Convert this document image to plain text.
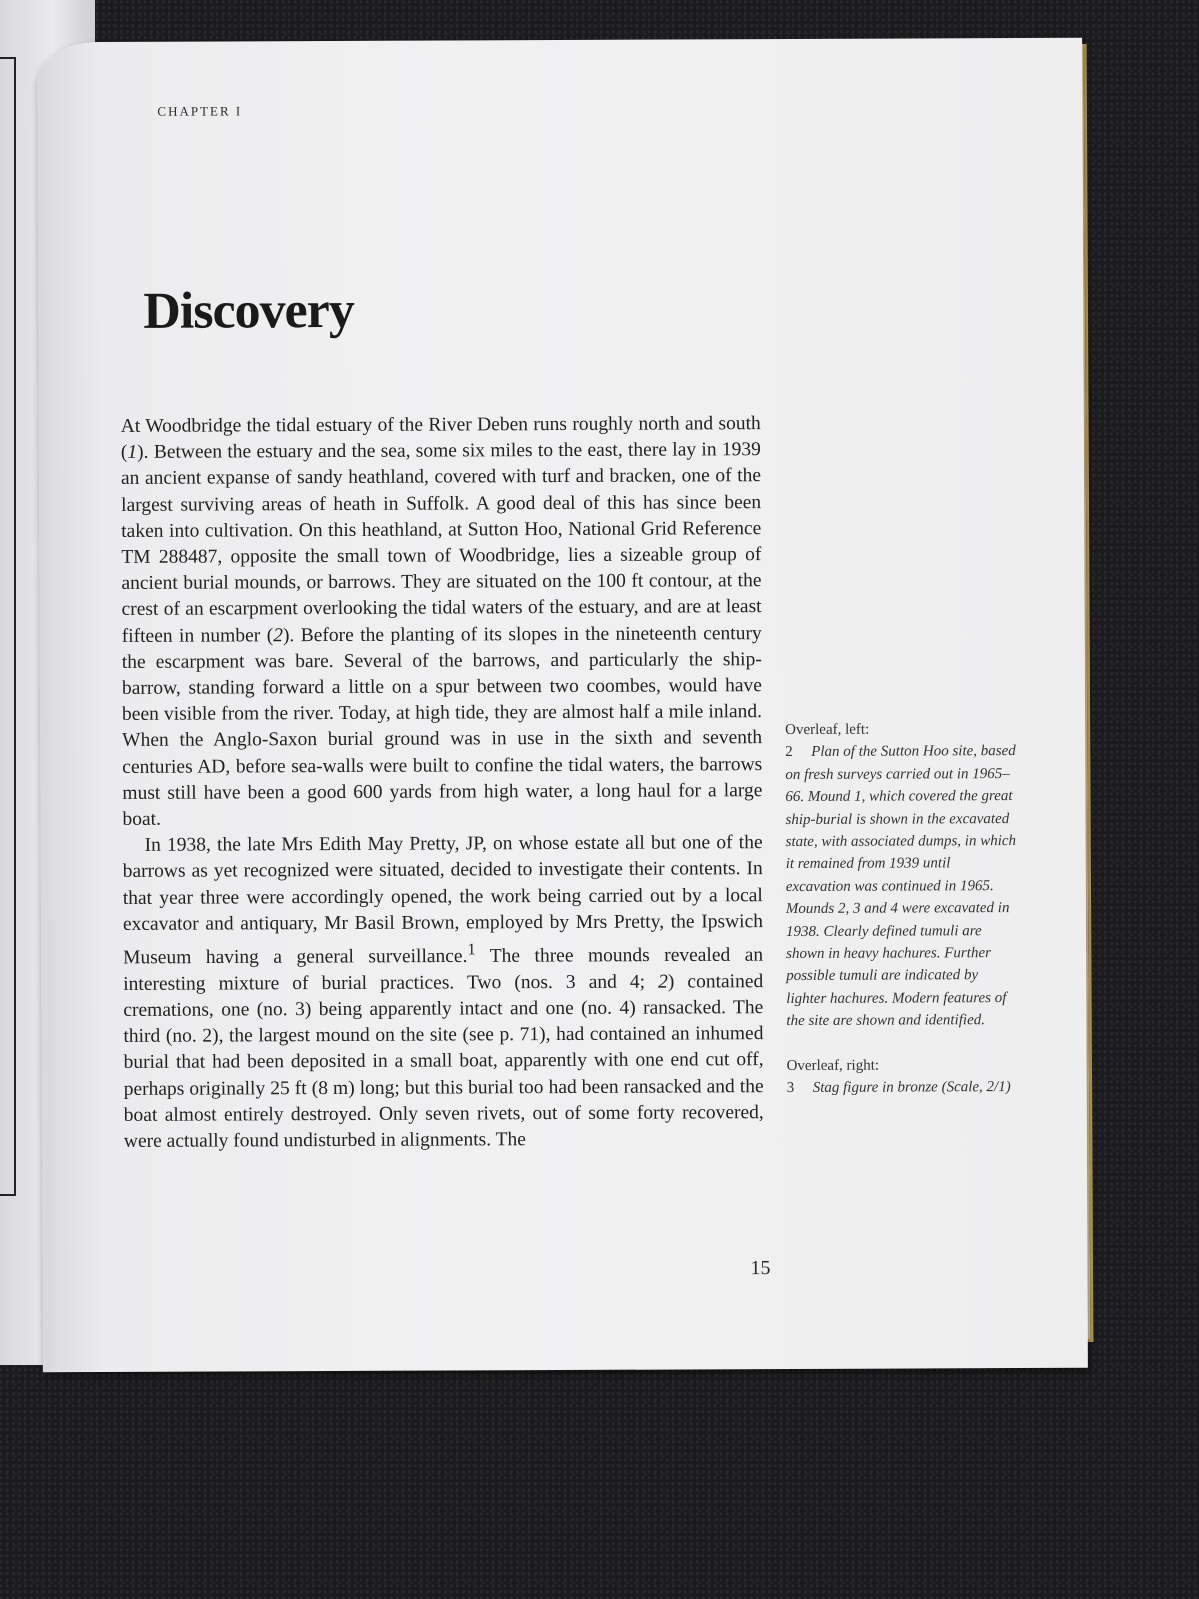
CHAPTER I
Discovery

At Woodbridge the tidal estuary of the River Deben runs roughly north and south (1). Between the estuary and the sea, some six miles to the east, there lay in 1939 an ancient expanse of sandy heathland, covered with turf and bracken, one of the largest surviving areas of heath in Suffolk. A good deal of this has since been taken into cultivation. On this heathland, at Sutton Hoo, National Grid Reference TM 288487, opposite the small town of Woodbridge, lies a sizeable group of ancient burial mounds, or barrows. They are situated on the 100 ft contour, at the crest of an escarpment overlooking the tidal waters of the estuary, and are at least fifteen in number (2). Before the planting of its slopes in the nineteenth century the escarpment was bare. Several of the barrows, and particularly the ship-barrow, standing forward a little on a spur between two coombes, would have been visible from the river. Today, at high tide, they are almost half a mile inland. When the Anglo-Saxon burial ground was in use in the sixth and seventh centuries AD, before sea-walls were built to confine the tidal waters, the barrows must still have been a good 600 yards from high water, a long haul for a large boat.

In 1938, the late Mrs Edith May Pretty, JP, on whose estate all but one of the barrows as yet recognized were situated, decided to investigate their contents. In that year three were accordingly opened, the work being carried out by a local excavator and antiquary, Mr Basil Brown, employed by Mrs Pretty, the Ipswich Museum having a general surveillance.$^1$ The three mounds revealed an interesting mixture of burial practices. Two (nos. 3 and 4; 2) contained cremations, one (no. 3) being apparently intact and one (no. 4) ransacked. The third (no. 2), the largest mound on the site (see p. 71), had contained an inhumed burial that had been deposited in a small boat, apparently with one end cut off, perhaps originally 25 ft (8 m) long; but this burial too had been ransacked and the boat almost entirely destroyed. Only seven rivets, out of some forty recovered, were actually found undisturbed in alignments. The

Overleaf, left:

2 Plan of the Sutton Hoo site, based on fresh surveys carried out in 1965–66. Mound 1, which covered the great ship-burial is shown in the excavated state, with associated dumps, in which it remained from 1939 until excavation was continued in 1965. Mounds 2, 3 and 4 were excavated in 1938. Clearly defined tumuli are shown in heavy hachures. Further possible tumuli are indicated by lighter hachures. Modern features of the site are shown and identified.

Overleaf, right:

3 Stag figure in bronze (Scale, 2/1)

15
